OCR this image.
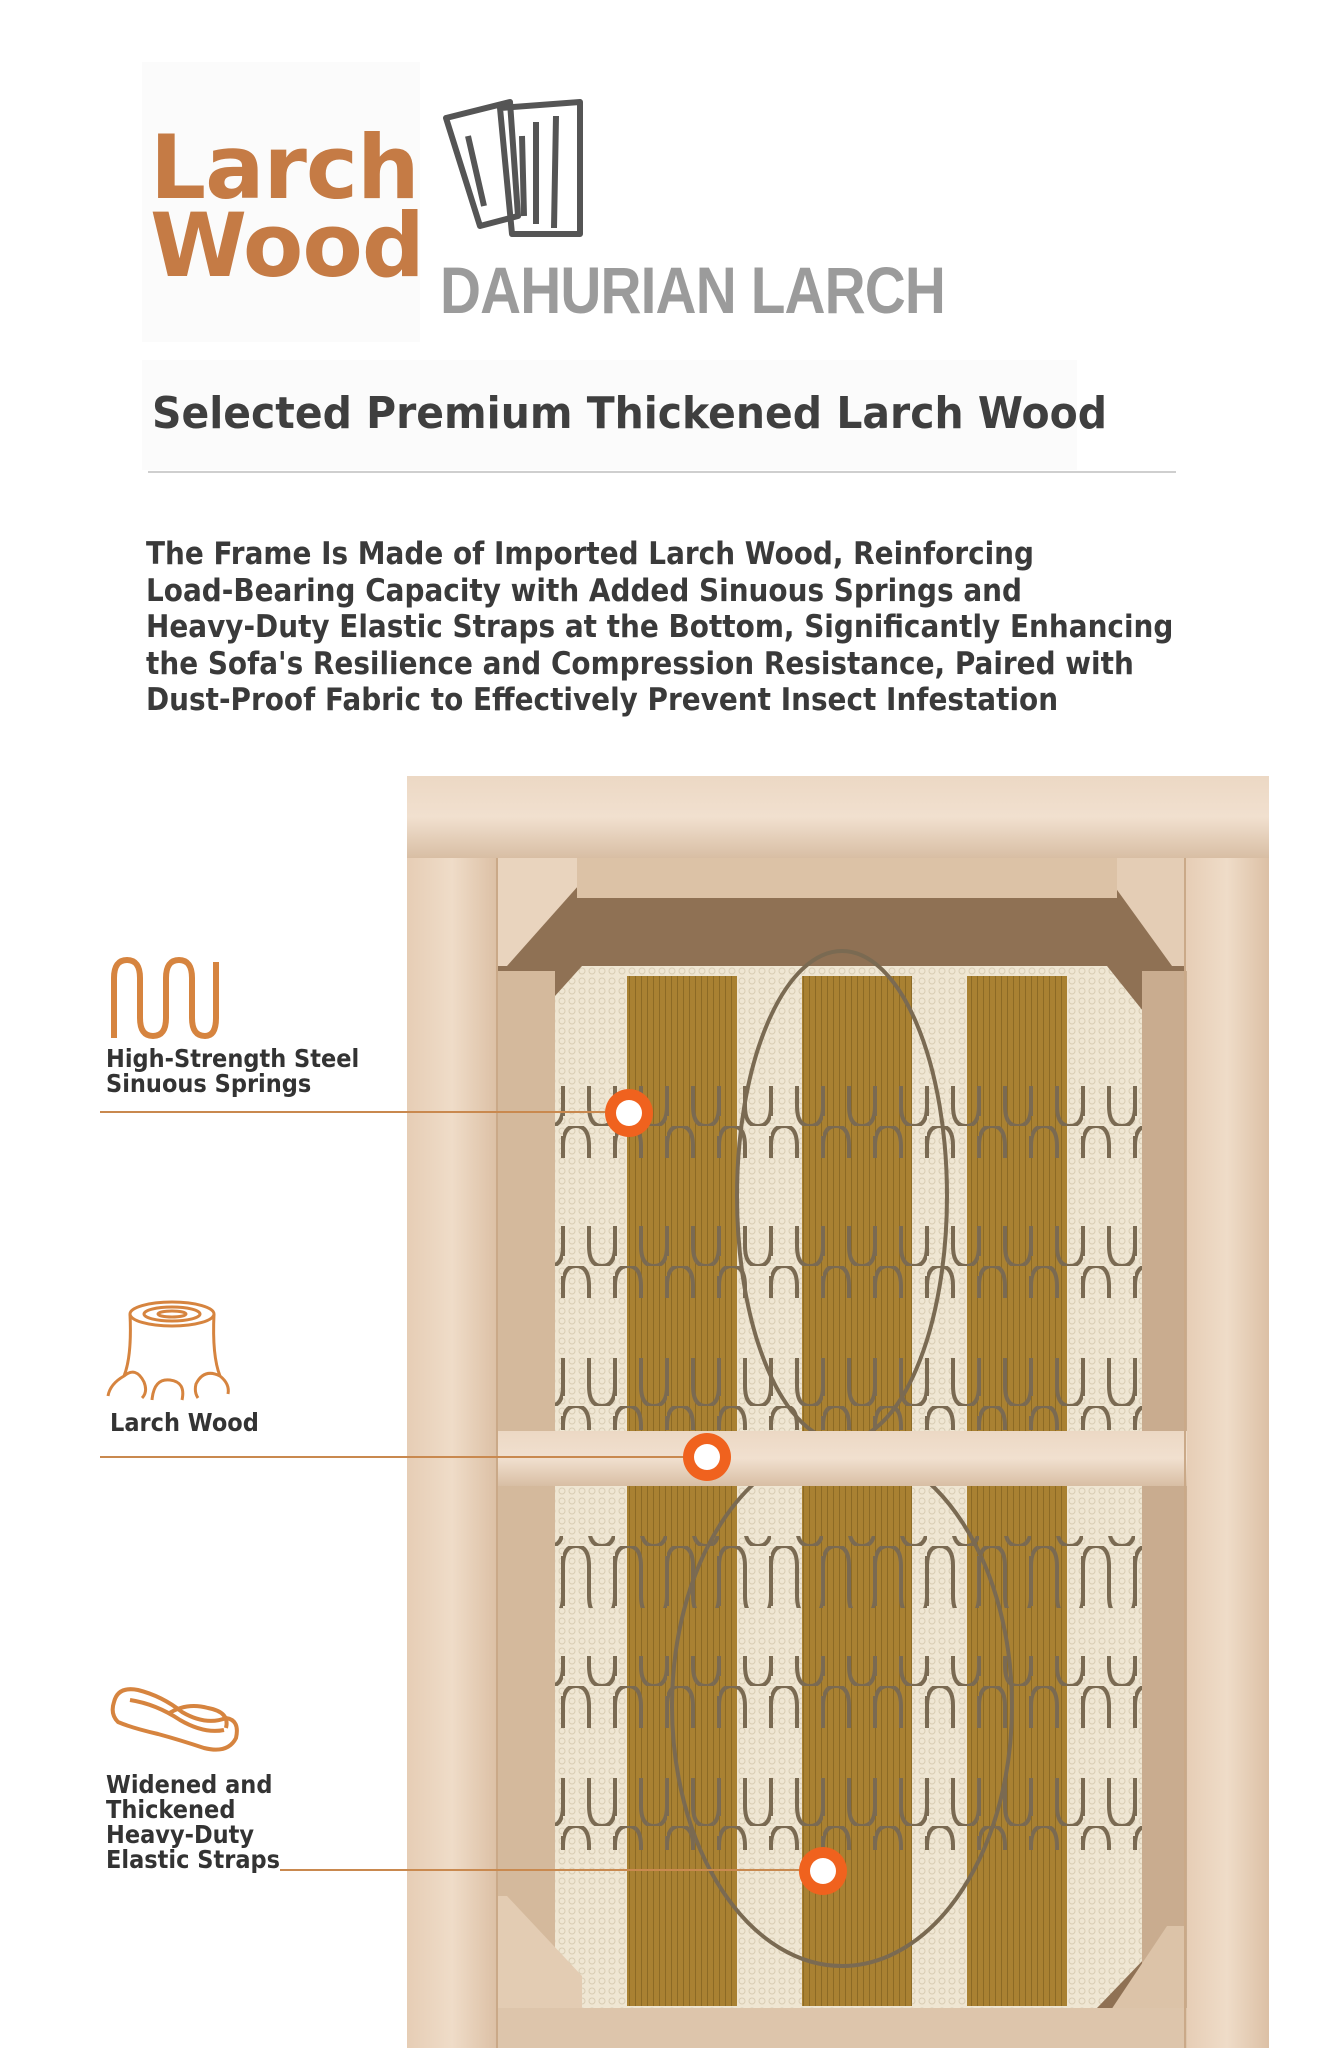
Larch
Wood DAHURIAN LARCH
Selected Premium Thickened Larch Wood
The Frame Is Made of Imported Larch Wood, Reinforcing
Load-Bearing Capacity with Added Sinuous Springs and
Heavy-Duty Elastic Straps at the Bottom, Significantly Enhancing
the Sofa's Resilience and Compression Resistance, Paired with
Dust-Proof Fabric to Effectively Prevent Insect Infestation
High-Strength Steel
Sinuous Springs
Larch Wood
Widened and
Thickened
Heavy-Duty
Elastic Straps
